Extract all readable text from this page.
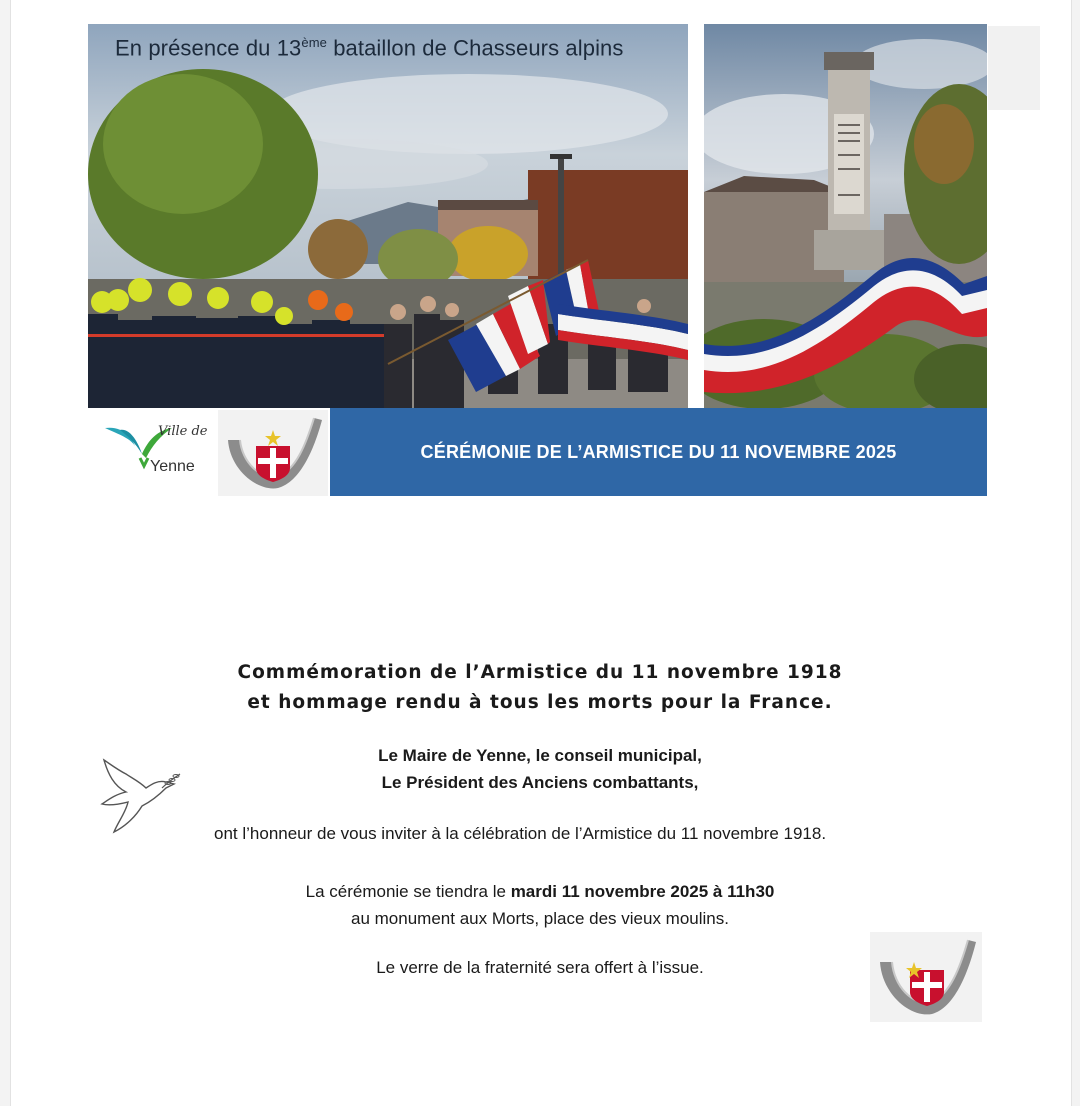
En présence du 13ème bataillon de Chasseurs alpins
Ville de
Yenne
CÉRÉMONIE DE L’ARMISTICE DU 11 NOVEMBRE 2025
Commémoration de l’Armistice du 11 novembre 1918
et hommage rendu à tous les morts pour la France.
Le Maire de Yenne, le conseil municipal,
Le Président des Anciens combattants,
ont l’honneur de vous inviter à la célébration de l’Armistice du 11 novembre 1918.
La cérémonie se tiendra le mardi 11 novembre 2025 à 11h30
au monument aux Morts, place des vieux moulins.
Le verre de la fraternité sera offert à l’issue.
